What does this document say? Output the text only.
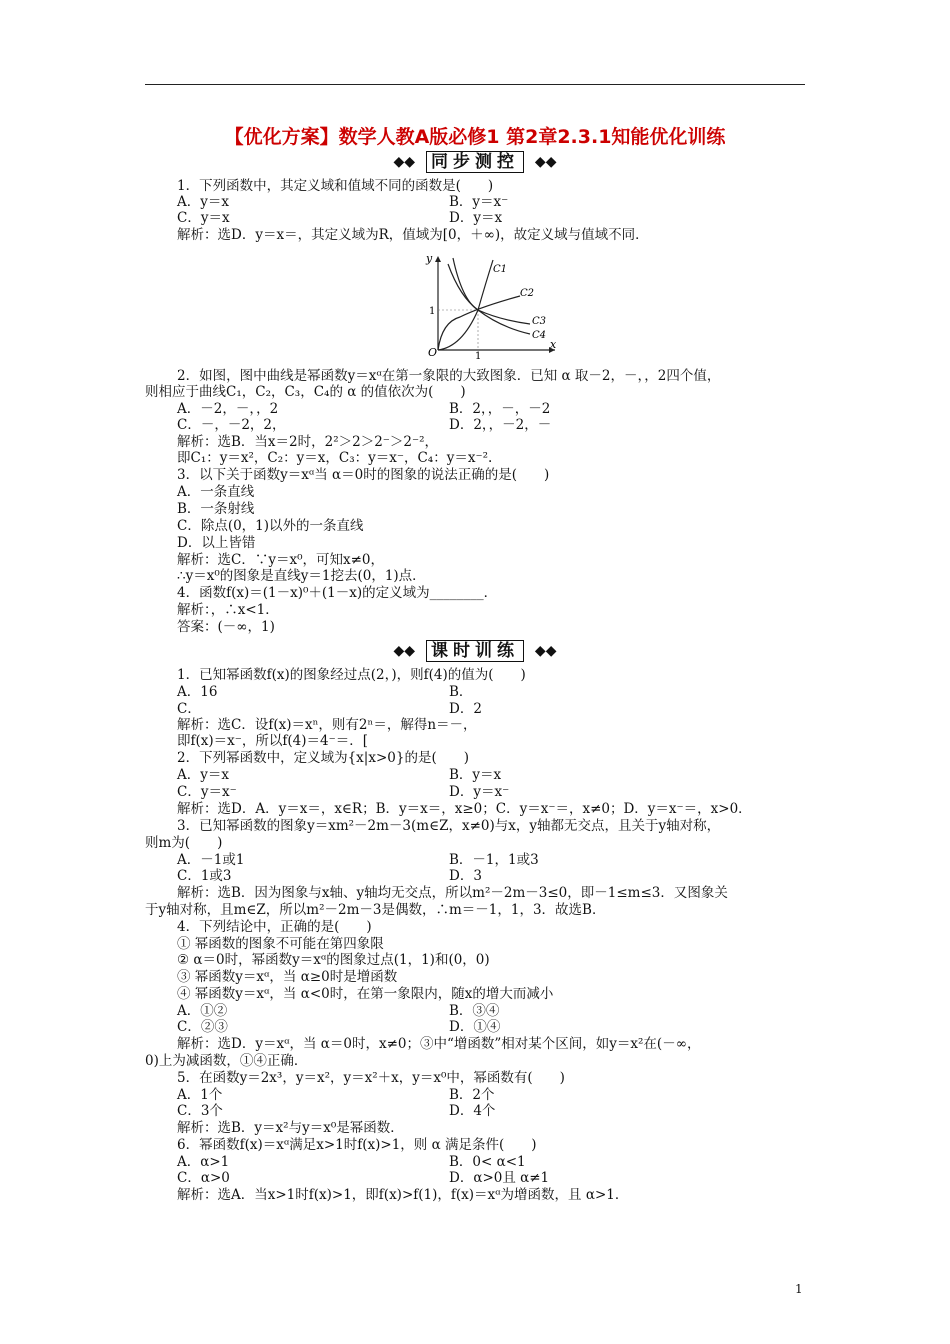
【优化方案】数学人教A版必修1 第2章2.3.1知能优化训练
◆◆ 同步测控 ◆◆
1．下列函数中，其定义域和值域不同的函数是(　　)
A．y＝x	B．y＝x⁻
C．y＝x	D．y＝x
解析：选D．y＝x＝，其定义域为R，值域为[0，＋∞)，故定义域与值域不同．
y
x
O	1
1
C1
C2
C3
C4
2．如图，图中曲线是幂函数y＝xᵅ在第一象限的大致图象．已知 α 取－2，－，，2四个值，
则相应于曲线C₁，C₂，C₃，C₄的 α 的值依次为(　　)
A．－2，－，，2	B．2，，－，－2
C．－，－2，2，	D．2，，－2，－
解析：选B．当x＝2时，2²＞2＞2⁻＞2⁻²，
即C₁：y＝x²，C₂：y＝x，C₃：y＝x⁻，C₄：y＝x⁻².
3．以下关于函数y＝xᵅ当 α＝0时的图象的说法正确的是(　　)
A．一条直线
B．一条射线
C．除点(0，1)以外的一条直线
D．以上皆错
解析：选C．∵y＝x⁰，可知x≠0，
∴y＝x⁰的图象是直线y＝1挖去(0，1)点．
4．函数f(x)＝(1－x)⁰＋(1－x)的定义域为________．
解析：，∴x<1．
答案：(－∞，1)
◆◆ 课时训练 ◆◆
1．已知幂函数f(x)的图象经过点(2，)，则f(4)的值为(　　)
A．16	B．
C．	D．2
解析：选C．设f(x)＝xⁿ，则有2ⁿ＝，解得n＝－，
即f(x)＝x⁻，所以f(4)＝4⁻＝．[
2．下列幂函数中，定义域为{x|x>0}的是(　　)
A．y＝x	B．y＝x
C．y＝x⁻	D．y＝x⁻
解析：选D．A．y＝x＝，x∈R；B．y＝x＝，x≥0；C．y＝x⁻＝，x≠0；D．y＝x⁻＝，x>0．
3．已知幂函数的图象y＝xm²－2m－3(m∈Z，x≠0)与x，y轴都无交点，且关于y轴对称，
则m为(　　)
A．－1或1	B．－1，1或3
C．1或3	D．3
解析：选B．因为图象与x轴、y轴均无交点，所以m²－2m－3≤0，即－1≤m≤3．又图象关
于y轴对称，且m∈Z，所以m²－2m－3是偶数，∴m＝－1，1，3．故选B．
4．下列结论中，正确的是(　　)
① 幂函数的图象不可能在第四象限
② α＝0时，幂函数y＝xᵅ的图象过点(1，1)和(0，0)
③ 幂函数y＝xᵅ，当 α≥0时是增函数
④ 幂函数y＝xᵅ，当 α<0时，在第一象限内，随x的增大而减小
A．①②	B．③④
C．②③	D．①④
解析：选D．y＝xᵅ，当 α＝0时，x≠0；③中“增函数”相对某个区间，如y＝x²在(－∞，
0)上为减函数，①④正确．
5．在函数y＝2x³，y＝x²，y＝x²＋x，y＝x⁰中，幂函数有(　　)
A．1个	B．2个
C．3个	D．4个
解析：选B．y＝x²与y＝x⁰是幂函数．
6．幂函数f(x)＝xᵅ满足x>1时f(x)>1，则 α 满足条件(　　)
A．α>1	B．0< α<1
C．α>0	D．α>0且 α≠1
解析：选A．当x>1时f(x)>1，即f(x)>f(1)，f(x)＝xᵅ为增函数，且 α>1．
1
